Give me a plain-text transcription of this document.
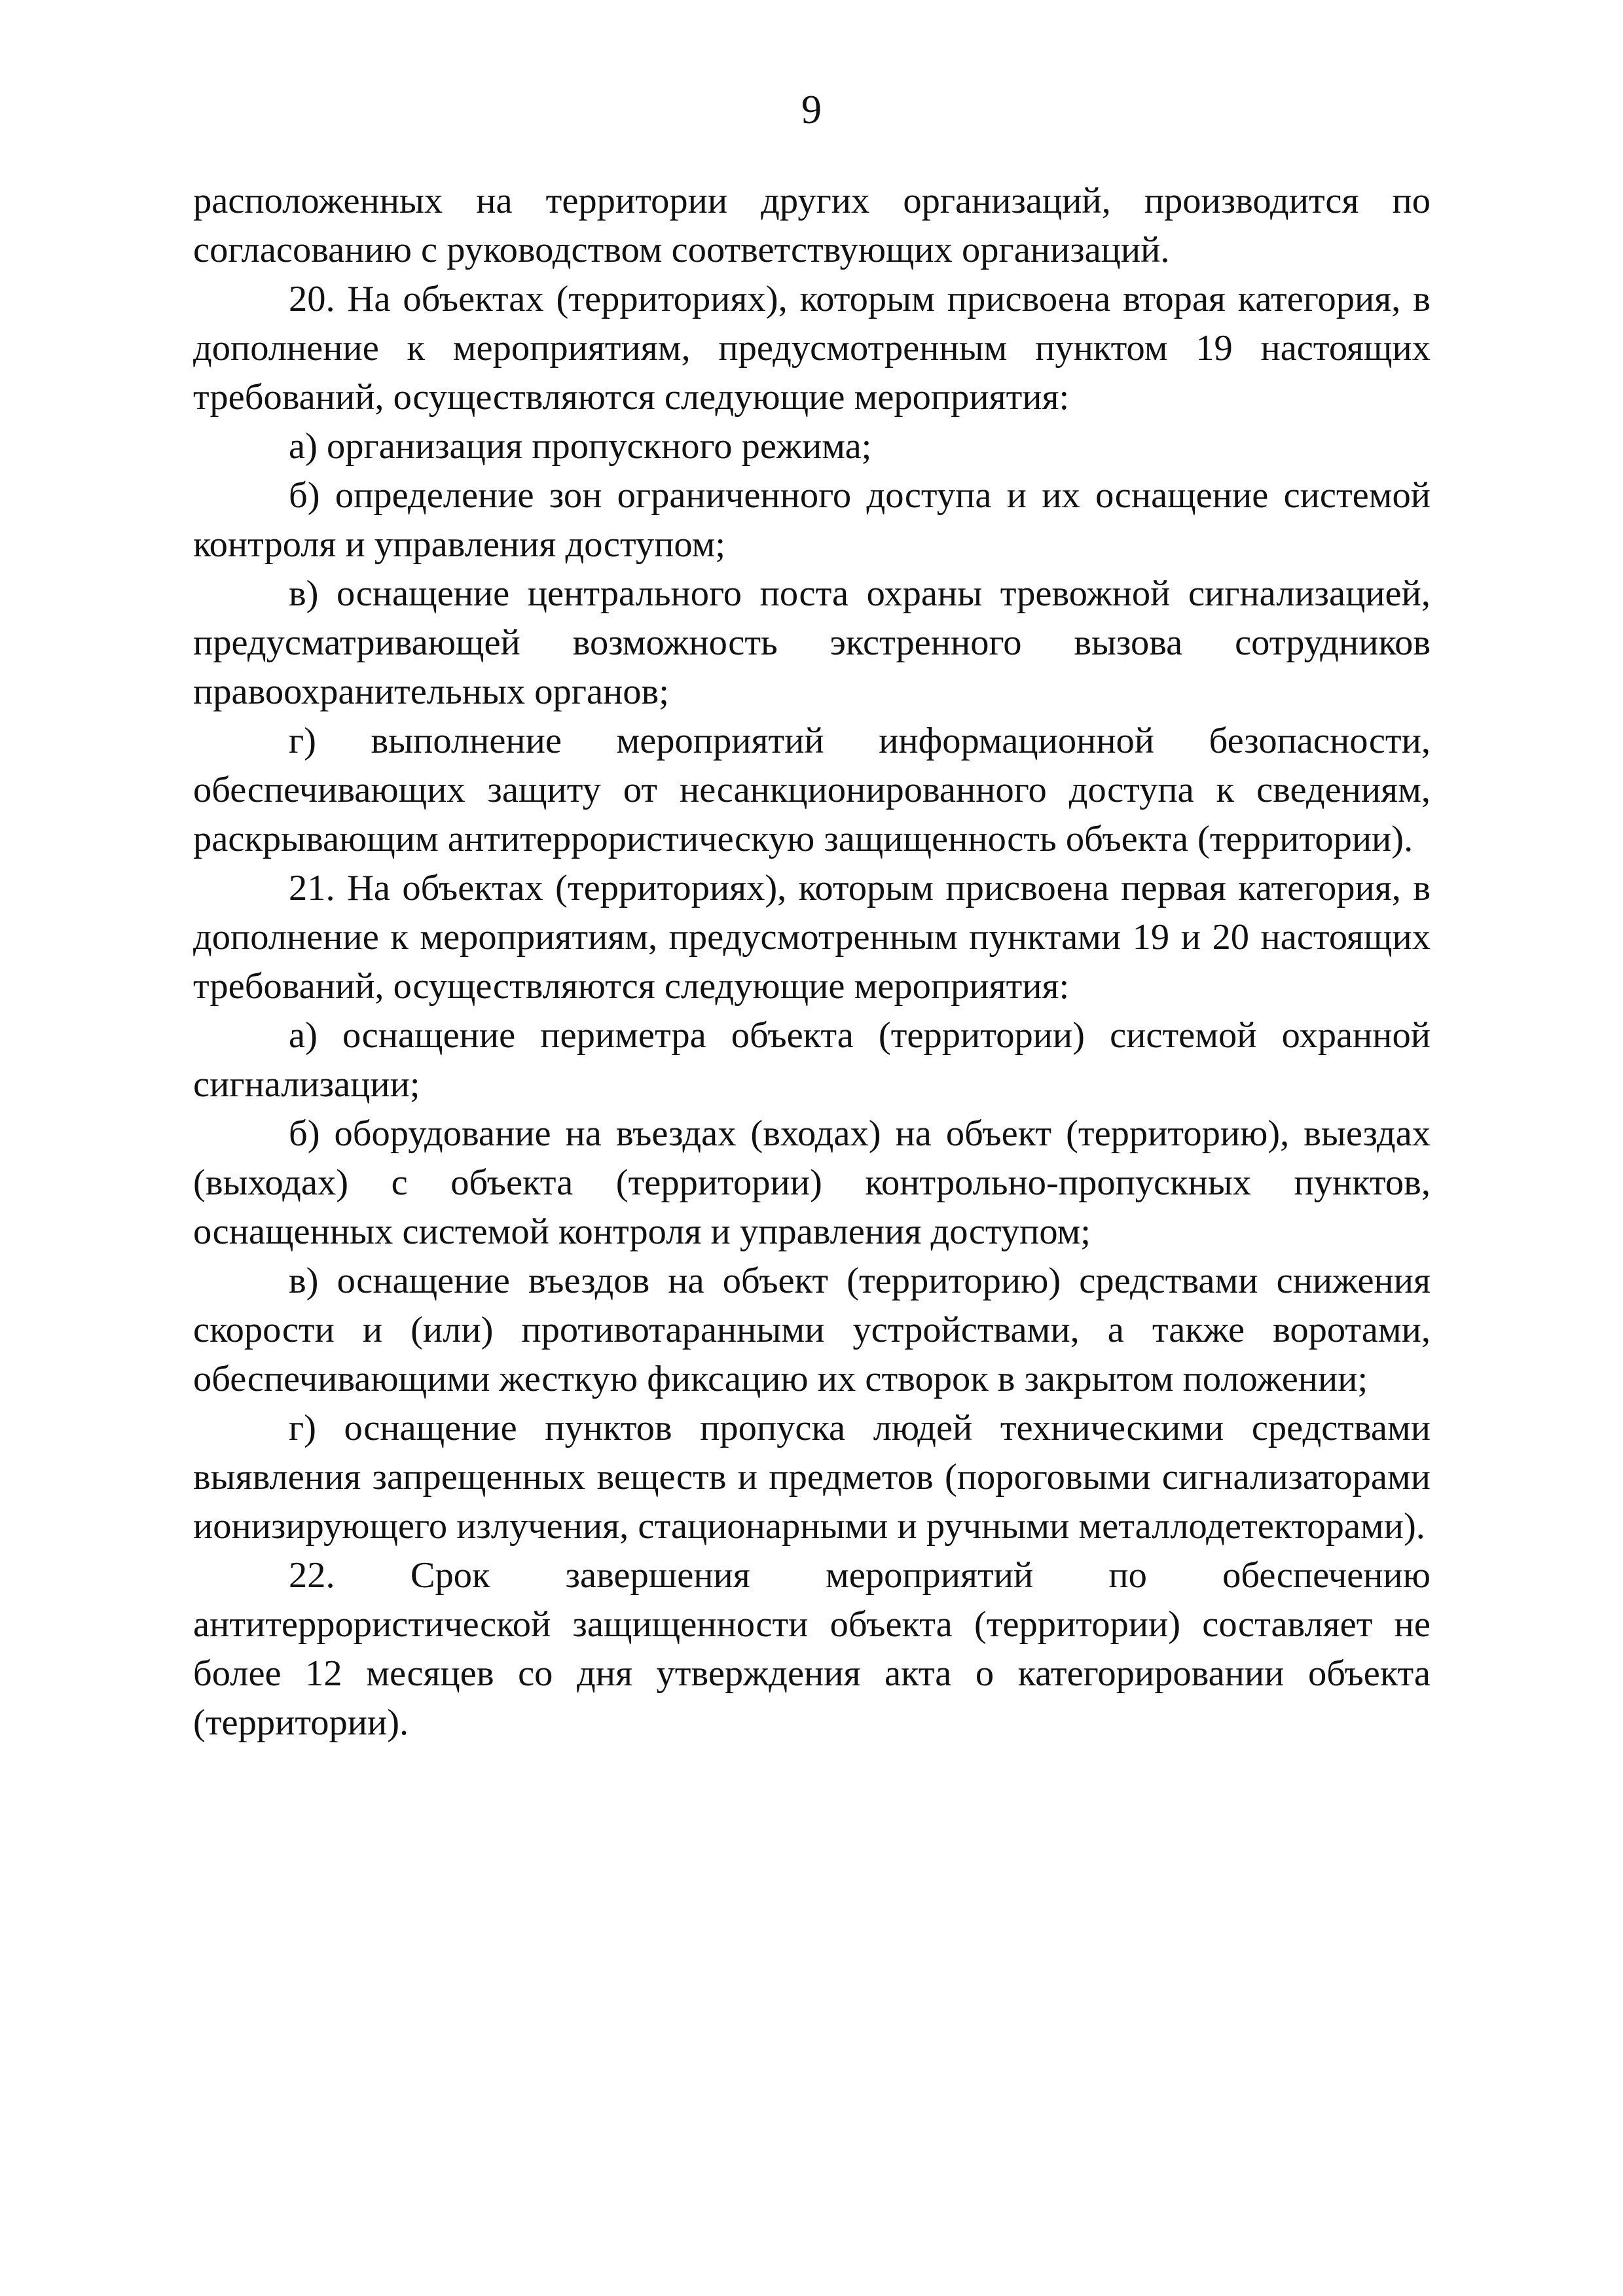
9

расположенных на территории других организаций, производится по согласованию с руководством соответствующих организаций.

20. На объектах (территориях), которым присвоена вторая категория, в дополнение к мероприятиям, предусмотренным пунктом 19 настоящих требований, осуществляются следующие мероприятия:

а) организация пропускного режима;

б) определение зон ограниченного доступа и их оснащение системой контроля и управления доступом;

в) оснащение центрального поста охраны тревожной сигнализацией, предусматривающей возможность экстренного вызова сотрудников правоохранительных органов;

г) выполнение мероприятий информационной безопасности, обеспечивающих защиту от несанкционированного доступа к сведениям, раскрывающим антитеррористическую защищенность объекта (территории).

21. На объектах (территориях), которым присвоена первая категория, в дополнение к мероприятиям, предусмотренным пунктами 19 и 20 настоящих требований, осуществляются следующие мероприятия:

а) оснащение периметра объекта (территории) системой охранной сигнализации;

б) оборудование на въездах (входах) на объект (территорию), выездах (выходах) с объекта (территории) контрольно-пропускных пунктов, оснащенных системой контроля и управления доступом;

в) оснащение въездов на объект (территорию) средствами снижения скорости и (или) противотаранными устройствами, а также воротами, обеспечивающими жесткую фиксацию их створок в закрытом положении;

г) оснащение пунктов пропуска людей техническими средствами выявления запрещенных веществ и предметов (пороговыми сигнализаторами ионизирующего излучения, стационарными и ручными металлодетекторами).

22. Срок завершения мероприятий по обеспечению антитеррористической защищенности объекта (территории) составляет не более 12 месяцев со дня утверждения акта о категорировании объекта (территории).
